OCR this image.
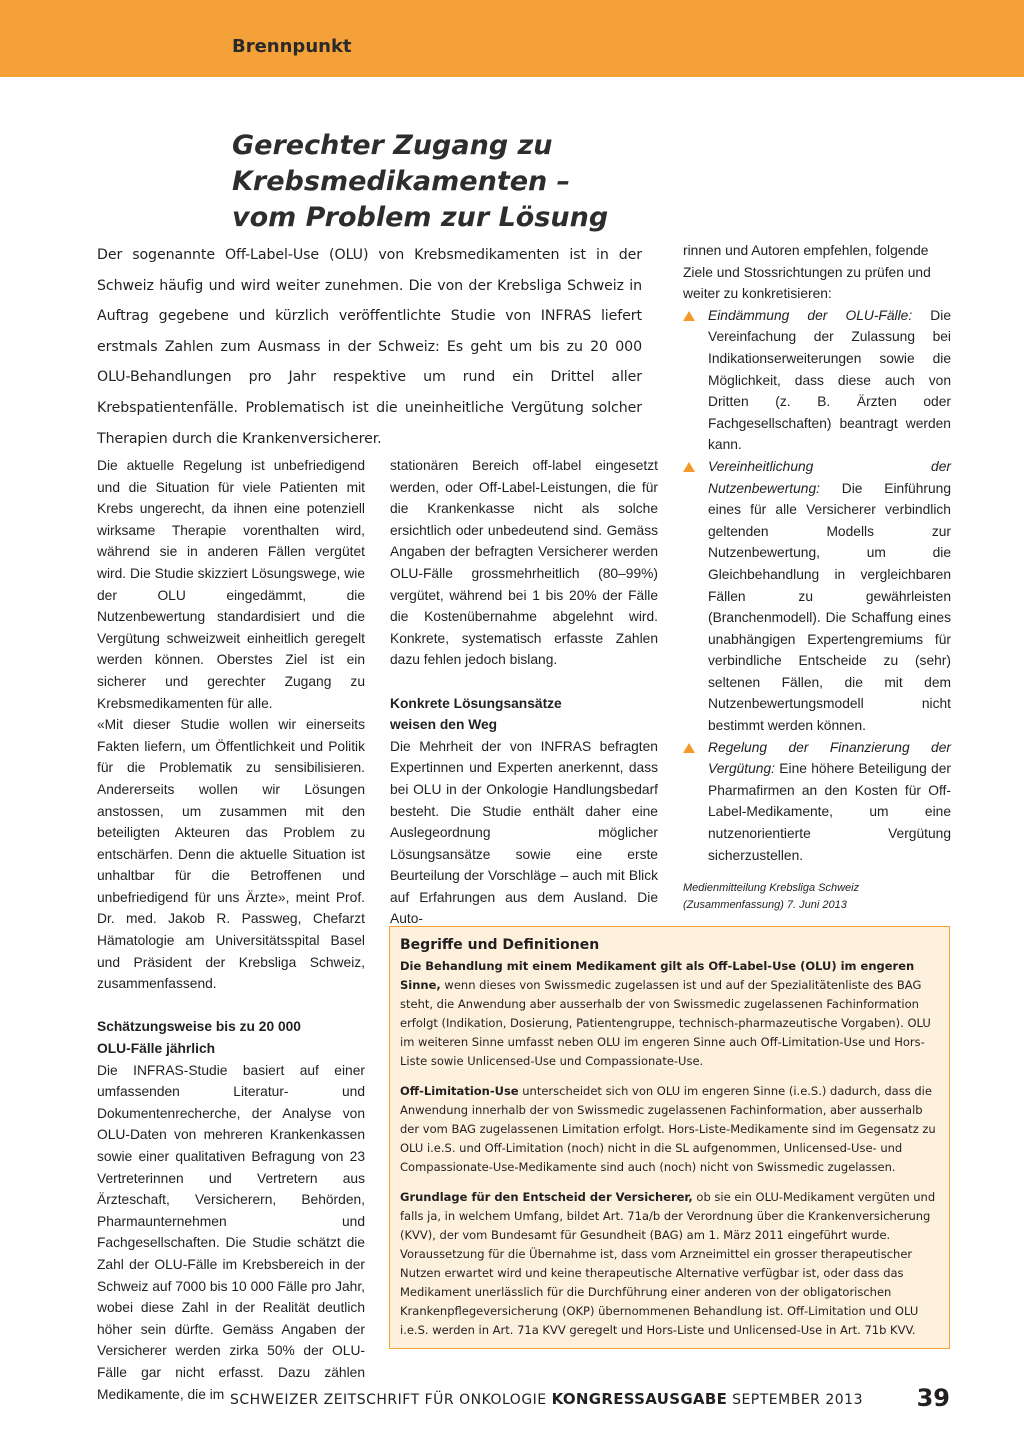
Brennpunkt
Gerechter Zugang zu Krebsmedikamenten –
vom Problem zur Lösung

Der sogenannte Off-Label-Use (OLU) von Krebsmedikamenten ist in der Schweiz häufig und wird weiter zunehmen. Die von der Krebsliga Schweiz in Auftrag gegebene und kürzlich veröffentlichte Studie von INFRAS liefert erstmals Zahlen zum Ausmass in der Schweiz: Es geht um bis zu 20 000 OLU-Behandlungen pro Jahr respektive um rund ein Drittel aller Krebspatientenfälle. Problematisch ist die uneinheitliche Vergütung solcher Therapien durch die Krankenversicherer.

Die aktuelle Regelung ist unbefriedigend und die Situation für viele Patienten mit Krebs ungerecht, da ihnen eine potenziell wirksame Therapie vorenthalten wird, während sie in anderen Fällen vergütet wird. Die Studie skizziert Lösungswege, wie der OLU eingedämmt, die Nutzenbewertung standardisiert und die Vergütung schweizweit einheitlich geregelt werden können. Oberstes Ziel ist ein sicherer und gerechter Zugang zu Krebsmedikamenten für alle.

«Mit dieser Studie wollen wir einerseits Fakten liefern, um Öffentlichkeit und Politik für die Problematik zu sensibilisieren. Andererseits wollen wir Lösungen anstossen, um zusammen mit den beteiligten Akteuren das Problem zu entschärfen. Denn die aktuelle Situation ist unhaltbar für die Betroffenen und unbefriedigend für uns Ärzte», meint Prof. Dr. med. Jakob R. Passweg, Chefarzt Hämatologie am Universitätsspital Basel und Präsident der Krebsliga Schweiz, zusammenfassend.

Schätzungsweise bis zu 20 000
OLU-Fälle jährlich

Die INFRAS-Studie basiert auf einer umfassenden Literatur- und Dokumentenrecherche, der Analyse von OLU-Daten von mehreren Krankenkassen sowie einer qualitativen Befragung von 23 Vertreterinnen und Vertretern aus Ärzteschaft, Versicherern, Behörden, Pharmaunternehmen und Fachgesellschaften. Die Studie schätzt die Zahl der OLU-Fälle im Krebsbereich in der Schweiz auf 7000 bis 10 000 Fälle pro Jahr, wobei diese Zahl in der Realität deutlich höher sein dürfte. Gemäss Angaben der Versicherer werden zirka 50% der OLU-Fälle gar nicht erfasst. Dazu zählen Medikamente, die im

stationären Bereich off-label eingesetzt werden, oder Off-Label-Leistungen, die für die Krankenkasse nicht als solche ersichtlich oder unbedeutend sind. Gemäss Angaben der befragten Versicherer werden OLU-Fälle grossmehrheitlich (80–99%) vergütet, während bei 1 bis 20% der Fälle die Kostenübernahme abgelehnt wird. Konkrete, systematisch erfasste Zahlen dazu fehlen jedoch bislang.

Konkrete Lösungsansätze
weisen den Weg

Die Mehrheit der von INFRAS befragten Expertinnen und Experten anerkennt, dass bei OLU in der Onkologie Handlungsbedarf besteht. Die Studie enthält daher eine Auslegeordnung möglicher Lösungsansätze sowie eine erste Beurteilung der Vorschläge – auch mit Blick auf Erfahrungen aus dem Ausland. Die Auto-

rinnen und Autoren empfehlen, folgende Ziele und Stossrichtungen zu prüfen und weiter zu konkretisieren:

Eindämmung der OLU-Fälle: Die Vereinfachung der Zulassung bei Indikationserweiterungen sowie die Möglichkeit, dass diese auch von Dritten (z. B. Ärzten oder Fachgesellschaften) beantragt werden kann.
Vereinheitlichung der Nutzenbewertung: Die Einführung eines für alle Versicherer verbindlich geltenden Modells zur Nutzenbewertung, um die Gleichbehandlung in vergleichbaren Fällen zu gewährleisten (Branchenmodell). Die Schaffung eines unabhängigen Expertengremiums für verbindliche Entscheide zu (sehr) seltenen Fällen, die mit dem Nutzenbewertungsmodell nicht bestimmt werden können.
Regelung der Finanzierung der Vergütung: Eine höhere Beteiligung der Pharmafirmen an den Kosten für Off-Label-Medikamente, um eine nutzenorientierte Vergütung sicherzustellen.
Medienmitteilung Krebsliga Schweiz
(Zusammenfassung) 7. Juni 2013

Begriffe und Definitionen

Die Behandlung mit einem Medikament gilt als Off-Label-Use (OLU) im engeren Sinne, wenn dieses von Swissmedic zugelassen ist und auf der Spezialitätenliste des BAG steht, die Anwendung aber ausserhalb der von Swissmedic zugelassenen Fachinformation erfolgt (Indikation, Dosierung, Patientengruppe, technisch-pharmazeutische Vorgaben). OLU im weiteren Sinne umfasst neben OLU im engeren Sinne auch Off-Limitation-Use und Hors-Liste sowie Unlicensed-Use und Compassionate-Use.

Off-Limitation-Use unterscheidet sich von OLU im engeren Sinne (i.e.S.) dadurch, dass die Anwendung innerhalb der von Swissmedic zugelassenen Fachinformation, aber ausserhalb der vom BAG zugelassenen Limitation erfolgt. Hors-Liste-Medikamente sind im Gegensatz zu OLU i.e.S. und Off-Limitation (noch) nicht in die SL aufgenommen, Unlicensed-Use- und Compassionate-Use-Medikamente sind auch (noch) nicht von Swissmedic zugelassen.

Grundlage für den Entscheid der Versicherer, ob sie ein OLU-Medikament vergüten und falls ja, in welchem Umfang, bildet Art. 71a/b der Verordnung über die Krankenversicherung (KVV), der vom Bundesamt für Gesundheit (BAG) am 1. März 2011 eingeführt wurde. Voraussetzung für die Übernahme ist, dass vom Arzneimittel ein grosser therapeutischer Nutzen erwartet wird und keine therapeutische Alternative verfügbar ist, oder dass das Medikament unerlässlich für die Durchführung einer anderen von der obligatorischen Krankenpflegeversicherung (OKP) übernommenen Behandlung ist. Off-Limitation und OLU i.e.S. werden in Art. 71a KVV geregelt und Hors-Liste und Unlicensed-Use in Art. 71b KVV.

SCHWEIZER ZEITSCHRIFT FÜR ONKOLOGIE KONGRESSAUSGABE SEPTEMBER 2013 39
